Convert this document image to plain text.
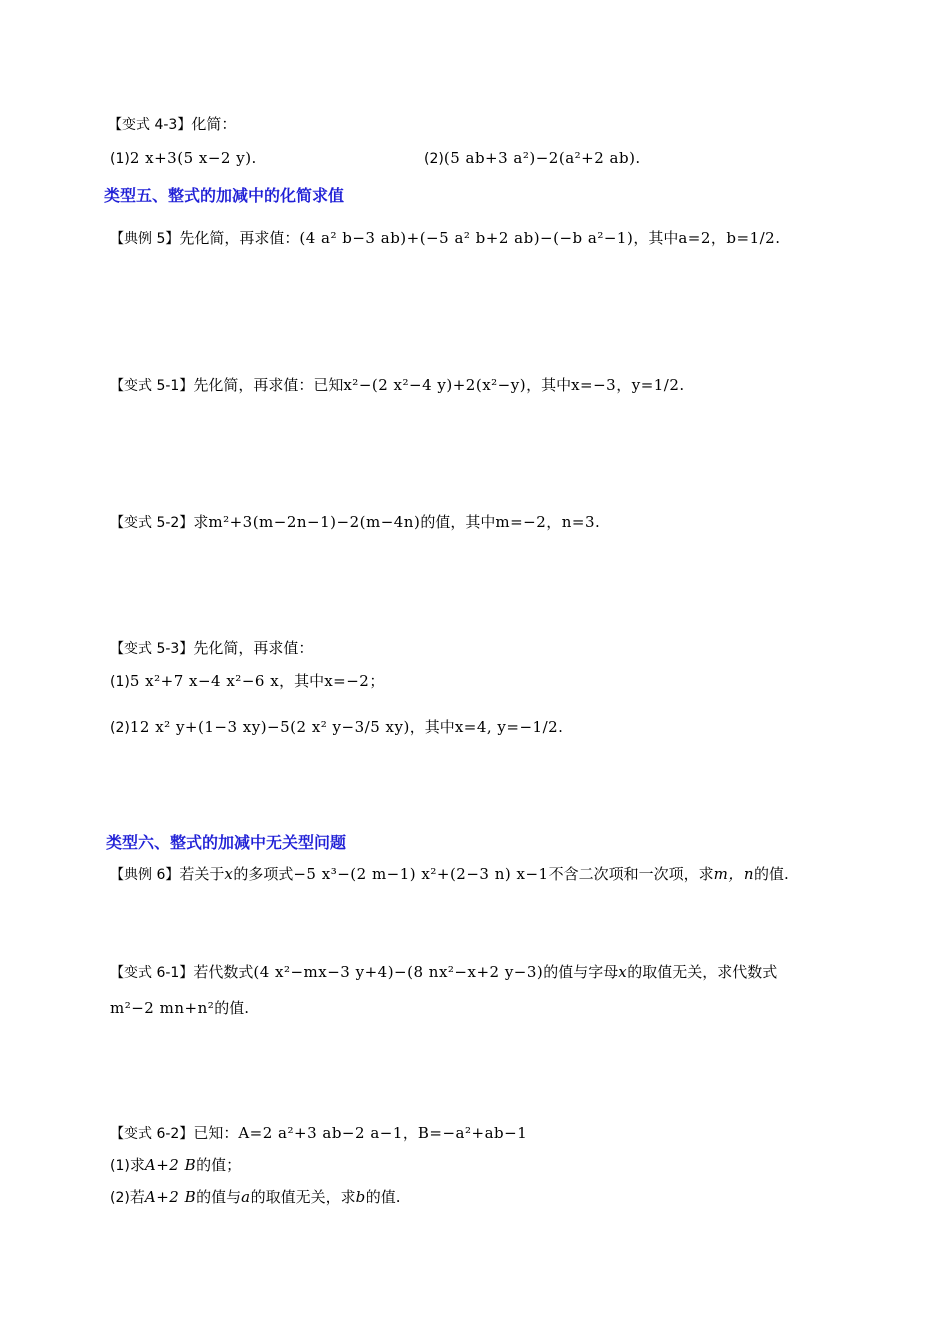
【变式 4-3】化简：
(1)2 x+3(5 x−2 y).	(2)(5 ab+3 a²)−2(a²+2 ab).
类型五、整式的加减中的化简求值
【典例 5】先化简，再求值：(4 a² b−3 ab)+(−5 a² b+2 ab)−(−b a²−1)，其中a=2，b=1/2.
【变式 5-1】先化简，再求值：已知x²−(2 x²−4 y)+2(x²−y)，其中x=−3，y=1/2.
【变式 5-2】求m²+3(m−2n−1)−2(m−4n)的值，其中m=−2，n=3.
【变式 5-3】先化简，再求值：
(1)5 x²+7 x−4 x²−6 x，其中x=−2；
(2)12 x² y+(1−3 xy)−5(2 x² y−3/5 xy)，其中x=4, y=−1/2.
类型六、整式的加减中无关型问题
【典例 6】若关于x的多项式−5 x³−(2 m−1) x²+(2−3 n) x−1不含二次项和一次项，求m，n的值.
【变式 6-1】若代数式(4 x²−mx−3 y+4)−(8 nx²−x+2 y−3)的值与字母x的取值无关，求代数式
m²−2 mn+n²的值.
【变式 6-2】已知：A=2 a²+3 ab−2 a−1，B=−a²+ab−1
(1)求A+2 B的值；
(2)若A+2 B的值与a的取值无关，求b的值.
